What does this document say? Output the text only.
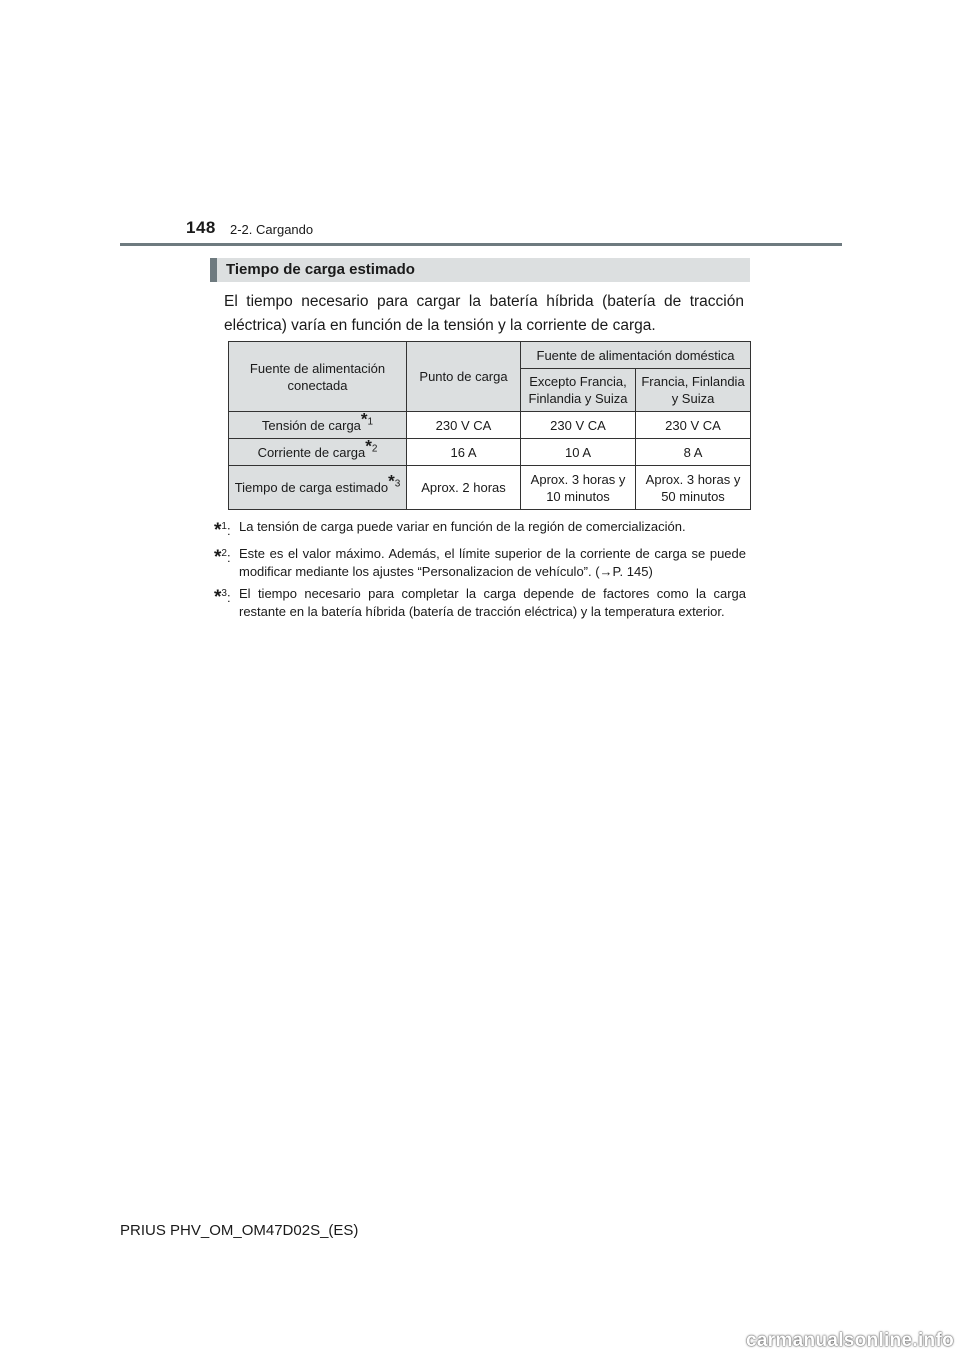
148 2-2. Cargando
Tiempo de carga estimado
El tiempo necesario para cargar la batería híbrida (batería de tracción eléctrica) varía en función de la tensión y la corriente de carga.
Fuente de alimentación conectada	Punto de carga	Fuente de alimentación doméstica	
		Excepto Francia, Finlandia y Suiza	Francia, Finlandia y Suiza
Tensión de carga$^{*1}$	230 V CA	230 V CA	230 V CA
Corriente de carga$^{*2}$	16 A	10 A	8 A
Tiempo de carga estimado$^{*3}$	Aprox. 2 horas	Aprox. 3 horas y 10 minutos	Aprox. 3 horas y 50 minutos
*$^1$: La tensión de carga puede variar en función de la región de comercialización.
*$^2$: Este es el valor máximo. Además, el límite superior de la corriente de carga se puede modificar mediante los ajustes “Personalizacion de vehículo”. (→P. 145)
*$^3$: El tiempo necesario para completar la carga depende de factores como la carga restante en la batería híbrida (batería de tracción eléctrica) y la temperatura exterior.
PRIUS PHV_OM_OM47D02S_(ES)
carmanualsonline.info
